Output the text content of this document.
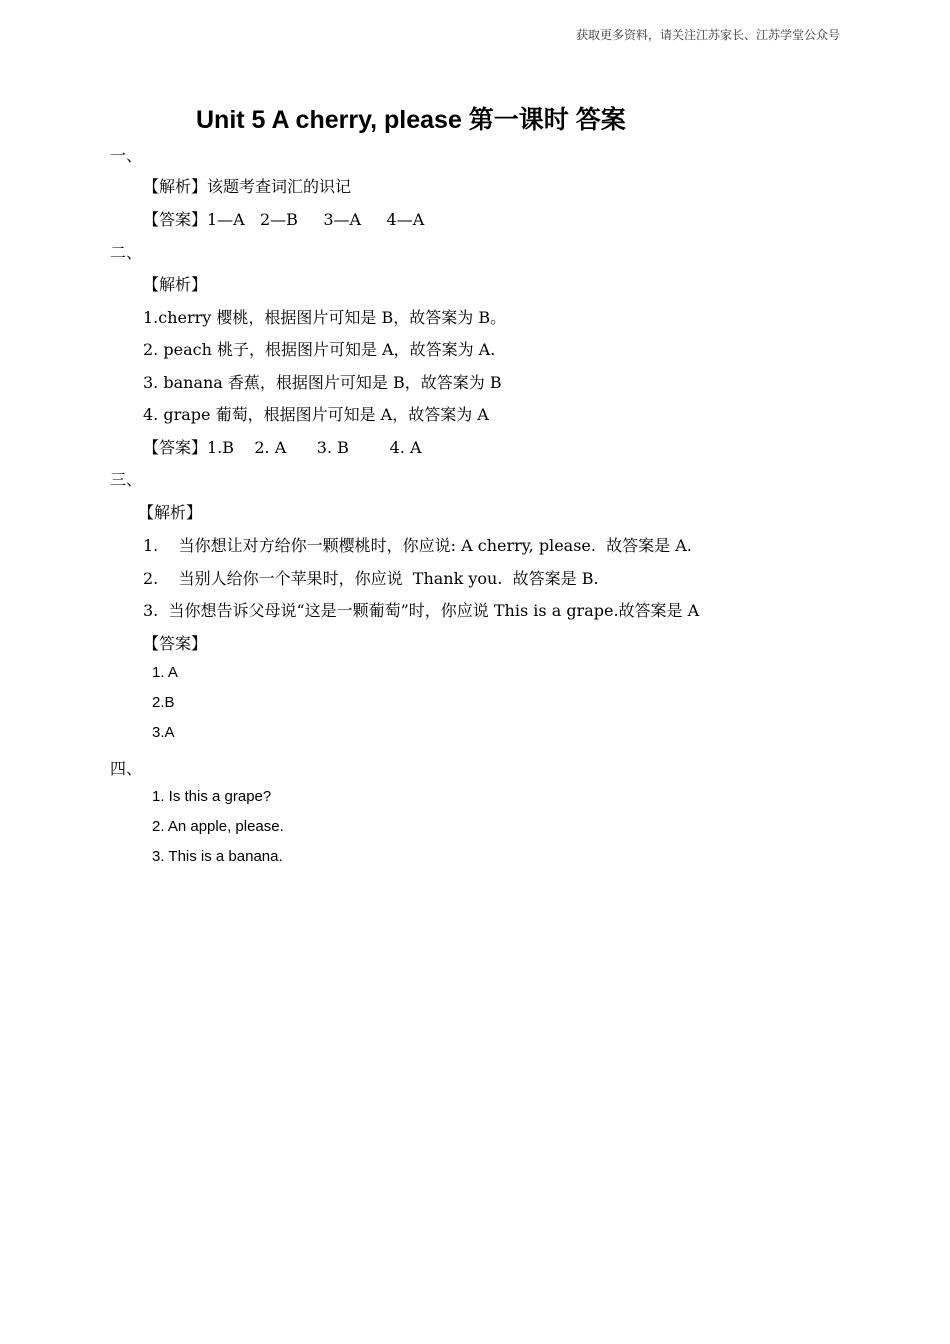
获取更多资料，请关注江苏家长、江苏学堂公众号
Unit 5 A cherry, please 第一课时 答案
一、
【解析】该题考查词汇的识记
【答案】1—A   2—B     3—A     4—A
二、
【解析】
1.cherry 樱桃，根据图片可知是 B，故答案为 B。
2. peach 桃子，根据图片可知是 A，故答案为 A.
3. banana 香蕉，根据图片可知是 B，故答案为 B
4. grape 葡萄，根据图片可知是 A，故答案为 A
【答案】1.B    2. A      3. B        4. A
三、
【解析】
1.    当你想让对方给你一颗樱桃时，你应说: A cherry, please.  故答案是 A.
2.    当别人给你一个苹果时，你应说  Thank you.  故答案是 B.
3.  当你想告诉父母说“这是一颗葡萄”时，你应说 This is a grape.故答案是 A
【答案】
1. A
2.B
3.A
四、
1. Is this a grape?
2. An apple, please.
3. This is a banana.
